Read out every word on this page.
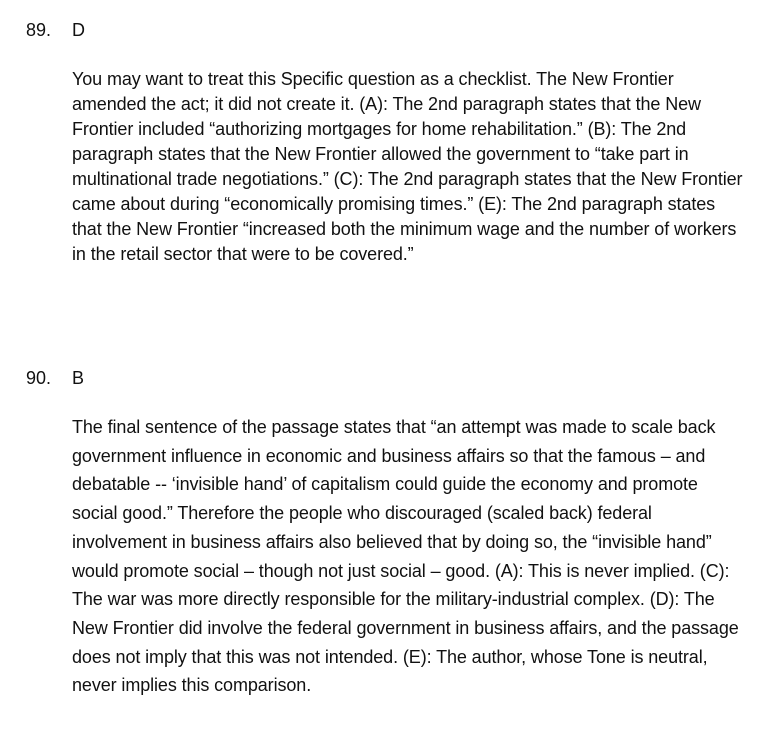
89. D

You may want to treat this Specific question as a checklist. The New Frontier amended the act; it did not create it. (A): The 2nd paragraph states that the New Frontier included “authorizing mortgages for home rehabilitation.” (B): The 2nd paragraph states that the New Frontier allowed the government to “take part in multinational trade negotiations.” (C): The 2nd paragraph states that the New Frontier came about during “economically promising times.” (E): The 2nd paragraph states that the New Frontier “increased both the minimum wage and the number of workers in the retail sector that were to be covered.”

90. B

The final sentence of the passage states that “an attempt was made to scale back government influence in economic and business affairs so that the famous – and debatable -- ‘invisible hand’ of capitalism could guide the economy and promote social good.” Therefore the people who discouraged (scaled back) federal involvement in business affairs also believed that by doing so, the “invisible hand” would promote social – though not just social – good. (A): This is never implied. (C): The war was more directly responsible for the military-industrial complex. (D): The New Frontier did involve the federal government in business affairs, and the passage does not imply that this was not intended. (E): The author, whose Tone is neutral, never implies this comparison.
